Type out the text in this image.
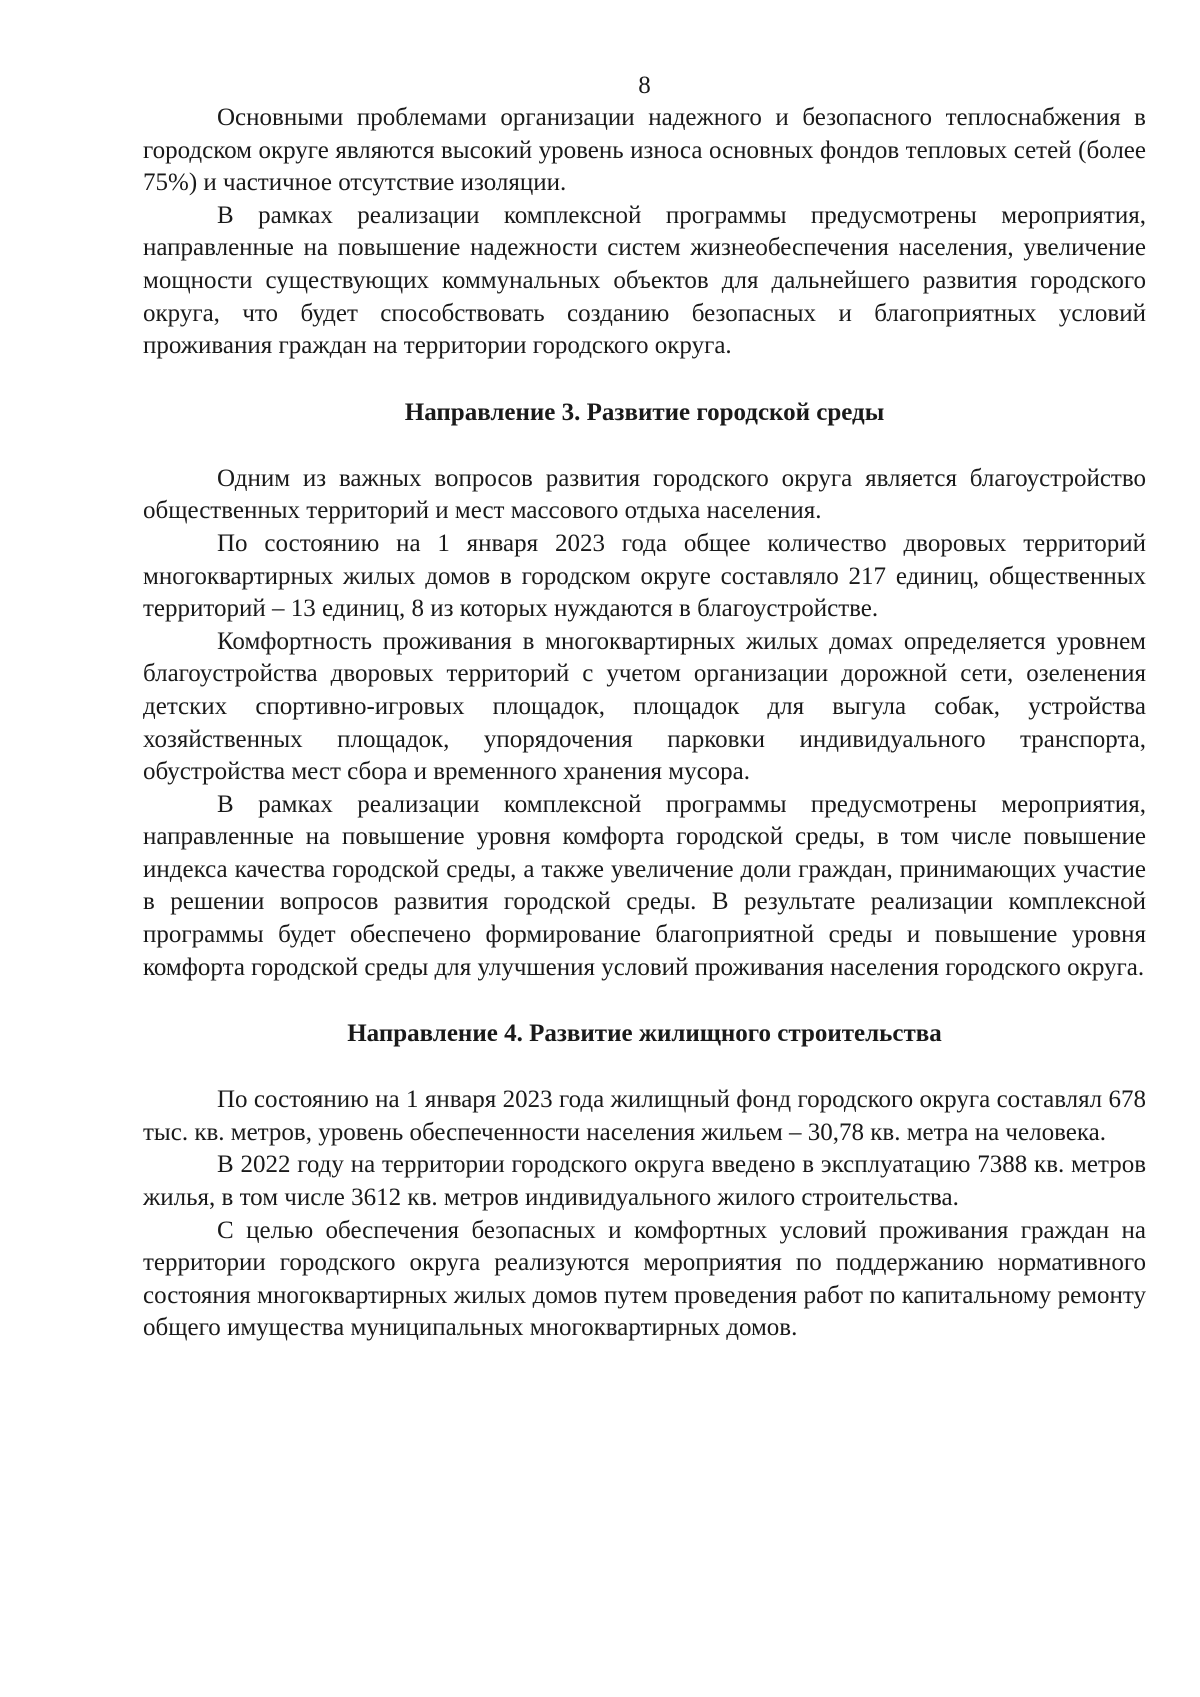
8

Основными проблемами организации надежного и безопасного теплоснабжения в городском округе являются высокий уровень износа основных фондов тепловых сетей (более 75%) и частичное отсутствие изоляции.

В рамках реализации комплексной программы предусмотрены мероприятия, направленные на повышение надежности систем жизнеобеспечения населения, увеличение мощности существующих коммунальных объектов для дальнейшего развития городского округа, что будет способствовать созданию безопасных и благоприятных условий проживания граждан на территории городского округа.

Направление 3. Развитие городской среды

Одним из важных вопросов развития городского округа является благоустройство общественных территорий и мест массового отдыха населения.

По состоянию на 1 января 2023 года общее количество дворовых территорий многоквартирных жилых домов в городском округе составляло 217 единиц, общественных территорий – 13 единиц, 8 из которых нуждаются в благоустройстве.

Комфортность проживания в многоквартирных жилых домах определяется уровнем благоустройства дворовых территорий с учетом организации дорожной сети, озеленения детских спортивно-игровых площадок, площадок для выгула собак, устройства хозяйственных площадок, упорядочения парковки индивидуального транспорта, обустройства мест сбора и временного хранения мусора.

В рамках реализации комплексной программы предусмотрены мероприятия, направленные на повышение уровня комфорта городской среды, в том числе повышение индекса качества городской среды, а также увеличение доли граждан, принимающих участие в решении вопросов развития городской среды. В результате реализации комплексной программы будет обеспечено формирование благоприятной среды и повышение уровня комфорта городской среды для улучшения условий проживания населения городского округа.

Направление 4. Развитие жилищного строительства

По состоянию на 1 января 2023 года жилищный фонд городского округа составлял 678 тыс. кв. метров, уровень обеспеченности населения жильем – 30,78 кв. метра на человека.

В 2022 году на территории городского округа введено в эксплуатацию 7388 кв. метров жилья, в том числе 3612 кв. метров индивидуального жилого строительства.

С целью обеспечения безопасных и комфортных условий проживания граждан на территории городского округа реализуются мероприятия по поддержанию нормативного состояния многоквартирных жилых домов путем проведения работ по капитальному ремонту общего имущества муниципальных многоквартирных домов.
